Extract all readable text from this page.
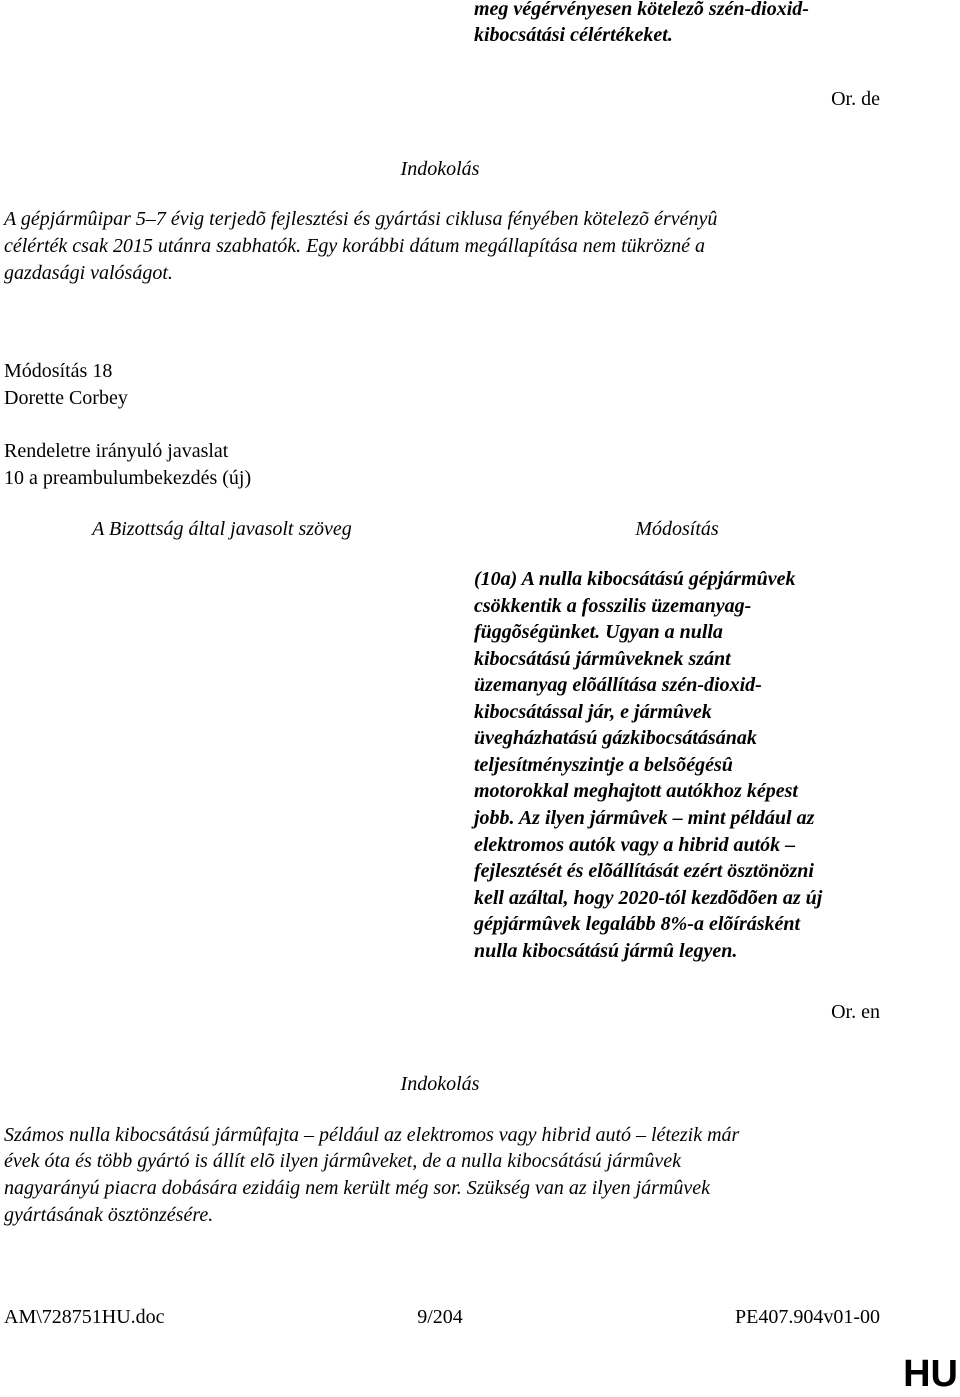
meg végérvényesen kötelezõ szén-dioxid-
kibocsátási célértékeket.
Or. de
Indokolás
A gépjármûipar 5–7 évig terjedõ fejlesztési és gyártási ciklusa fényében kötelezõ érvényû
célérték csak 2015 utánra szabhatók. Egy korábbi dátum megállapítása nem tükrözné a
gazdasági valóságot.
Módosítás 18
Dorette Corbey
Rendeletre irányuló javaslat
10 a preambulumbekezdés (új)
A Bizottság által javasolt szöveg	Módosítás
(10a) A nulla kibocsátású gépjármûvek
csökkentik a fosszilis üzemanyag-
függõségünket. Ugyan a nulla
kibocsátású jármûveknek szánt
üzemanyag elõállítása szén-dioxid-
kibocsátással jár, e jármûvek
üvegházhatású gázkibocsátásának
teljesítményszintje a belsõégésû
motorokkal meghajtott autókhoz képest
jobb. Az ilyen jármûvek – mint például az
elektromos autók vagy a hibrid autók –
fejlesztését és elõállítását ezért ösztönözni
kell azáltal, hogy 2020-tól kezdõdõen az új
gépjármûvek legalább 8%-a elõírásként
nulla kibocsátású jármû legyen.
Or. en
Indokolás
Számos nulla kibocsátású jármûfajta – például az elektromos vagy hibrid autó – létezik már
évek óta és több gyártó is állít elõ ilyen jármûveket, de a nulla kibocsátású jármûvek
nagyarányú piacra dobására ezidáig nem került még sor. Szükség van az ilyen jármûvek
gyártásának ösztönzésére.
AM\728751HU.doc	9/204	PE407.904v01-00
HU
